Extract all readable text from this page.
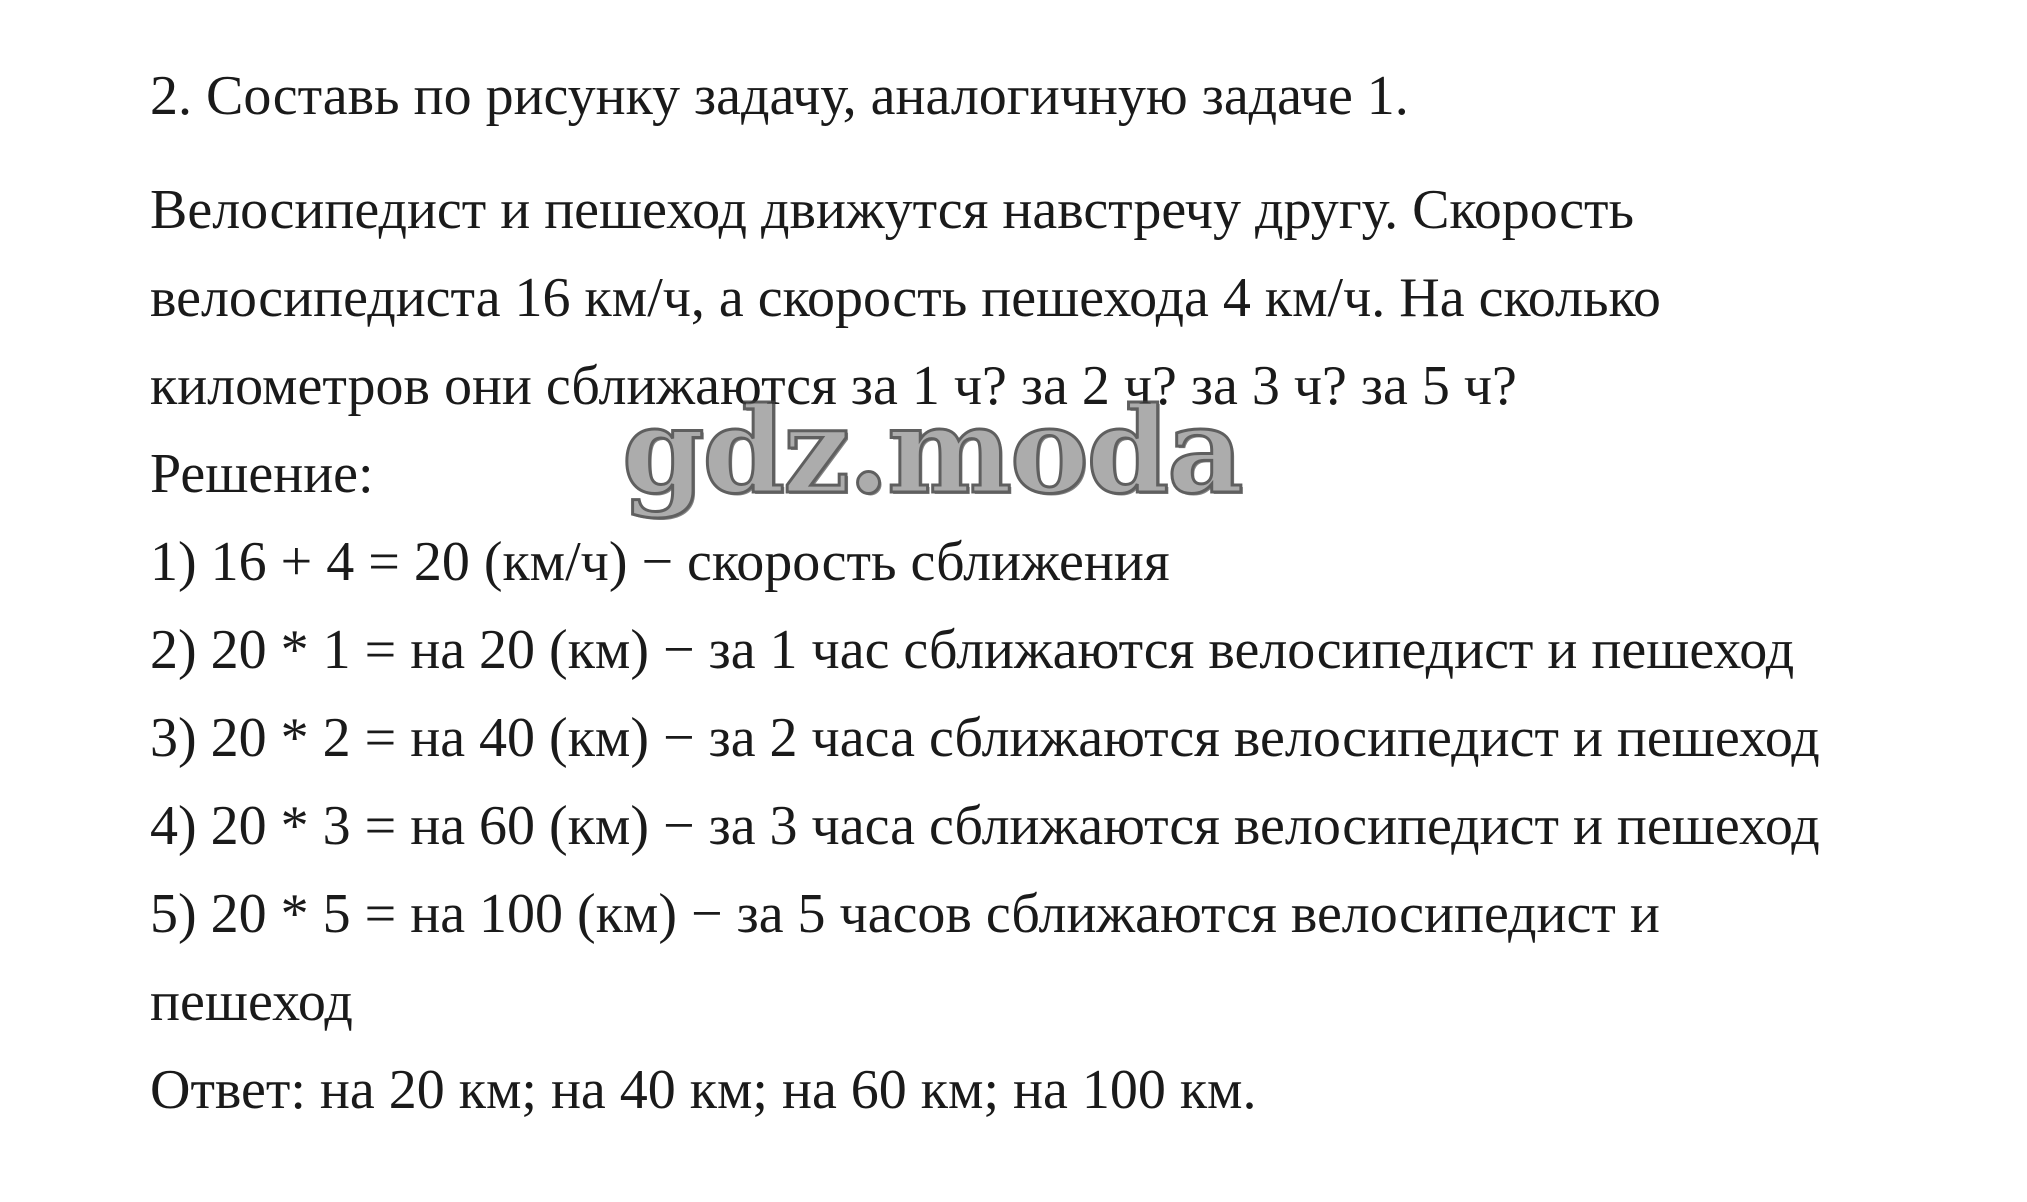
2. Составь по рисунку задачу, аналогичную задаче 1.
Велосипедист и пешеход движутся навстречу другу. Скорость
велосипедиста 16 км/ч, а скорость пешехода 4 км/ч. На сколько
километров они сближаются за 1 ч? за 2 ч? за 3 ч? за 5 ч?
Решение:
1) 16 + 4 = 20 (км/ч) − скорость сближения
2) 20 * 1 = на 20 (км) − за 1 час сближаются велосипедист и пешеход
3) 20 * 2 = на 40 (км) − за 2 часа сближаются велосипедист и пешеход
4) 20 * 3 = на 60 (км) − за 3 часа сближаются велосипедист и пешеход
5) 20 * 5 = на 100 (км) − за 5 часов сближаются велосипедист и
пешеход
Ответ: на 20 км; на 40 км; на 60 км; на 100 км.
gdz.moda
